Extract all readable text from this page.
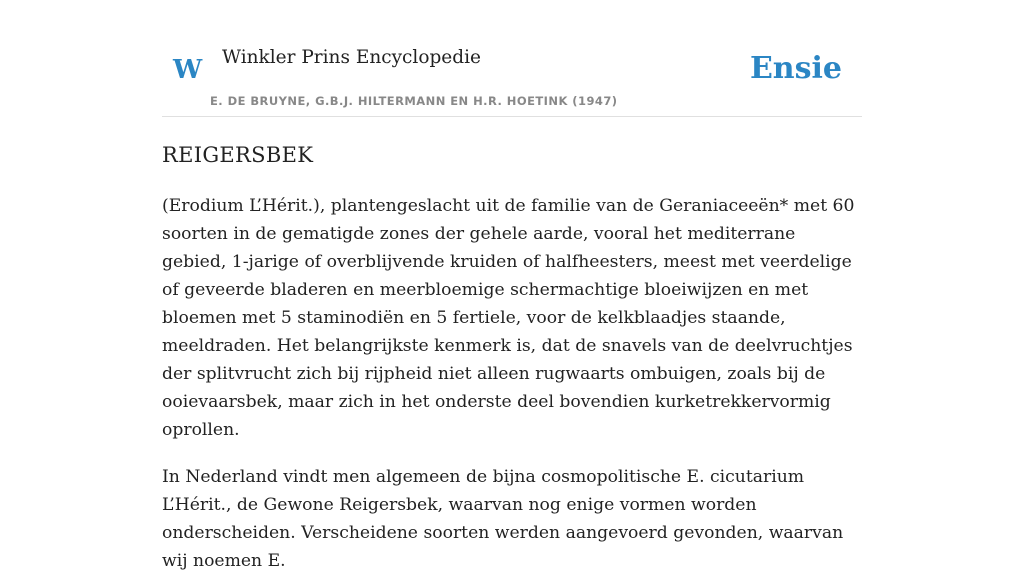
W Winkler Prins Encyclopedie
E. DE BRUYNE, G.B.J. HILTERMANN EN H.R. HOETINK (1947)
Ensie
REIGERSBEK

(Erodium L’Hérit.), plantengeslacht uit de familie van de Geraniaceeën* met 60 soorten in de gematigde zones der gehele aarde, vooral het mediterrane gebied, 1-jarige of overblijvende kruiden of halfheesters, meest met veerdelige of geveerde bladeren en meerbloemige schermachtige bloeiwijzen en met bloemen met 5 staminodiën en 5 fertiele, voor de kelkblaadjes staande, meeldraden. Het belangrijkste kenmerk is, dat de snavels van de deelvruchtjes der splitvrucht zich bij rijpheid niet alleen rugwaarts ombuigen, zoals bij de ooievaarsbek, maar zich in het onderste deel bovendien kurketrekkervormig oprollen.

In Nederland vindt men algemeen de bijna cosmopolitische E. cicutarium L’Hérit., de Gewone Reigersbek, waarvan nog enige vormen worden onderscheiden. Verscheidene soorten werden aangevoerd gevonden, waarvan wij noemen E.
